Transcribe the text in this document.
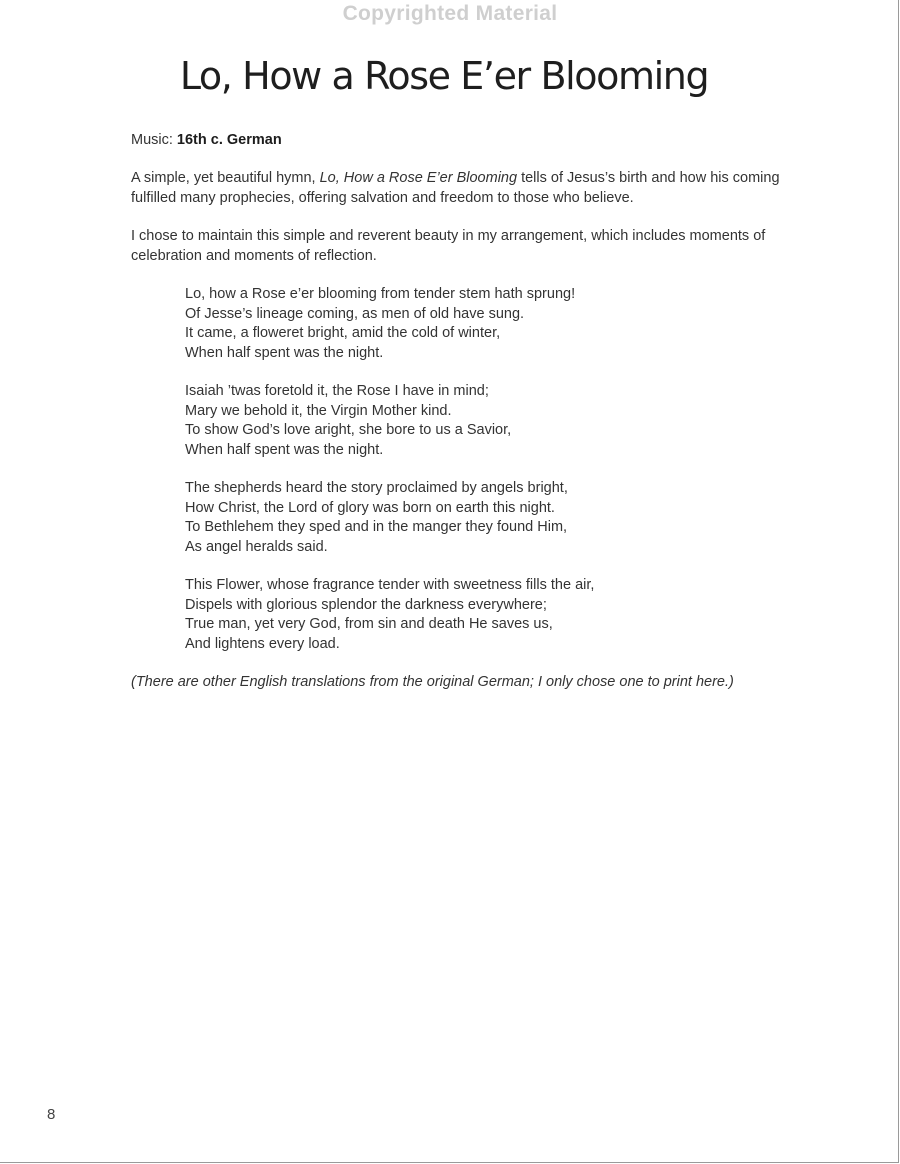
Copyrighted Material
Lo, How a Rose E’er Blooming

Music: 16th c. German

A simple, yet beautiful hymn, Lo, How a Rose E’er Blooming tells of Jesus’s birth and how his coming fulfilled many prophecies, offering salvation and freedom to those who believe.

I chose to maintain this simple and reverent beauty in my arrangement, which includes moments of celebration and moments of reflection.

Lo, how a Rose e’er blooming from tender stem hath sprung!
Of Jesse’s lineage coming, as men of old have sung.
It came, a floweret bright, amid the cold of winter,
When half spent was the night.
Isaiah ’twas foretold it, the Rose I have in mind;
Mary we behold it, the Virgin Mother kind.
To show God’s love aright, she bore to us a Savior,
When half spent was the night.
The shepherds heard the story proclaimed by angels bright,
How Christ, the Lord of glory was born on earth this night.
To Bethlehem they sped and in the manger they found Him,
As angel heralds said.
This Flower, whose fragrance tender with sweetness fills the air,
Dispels with glorious splendor the darkness everywhere;
True man, yet very God, from sin and death He saves us,
And lightens every load.

(There are other English translations from the original German; I only chose one to print here.)

8
